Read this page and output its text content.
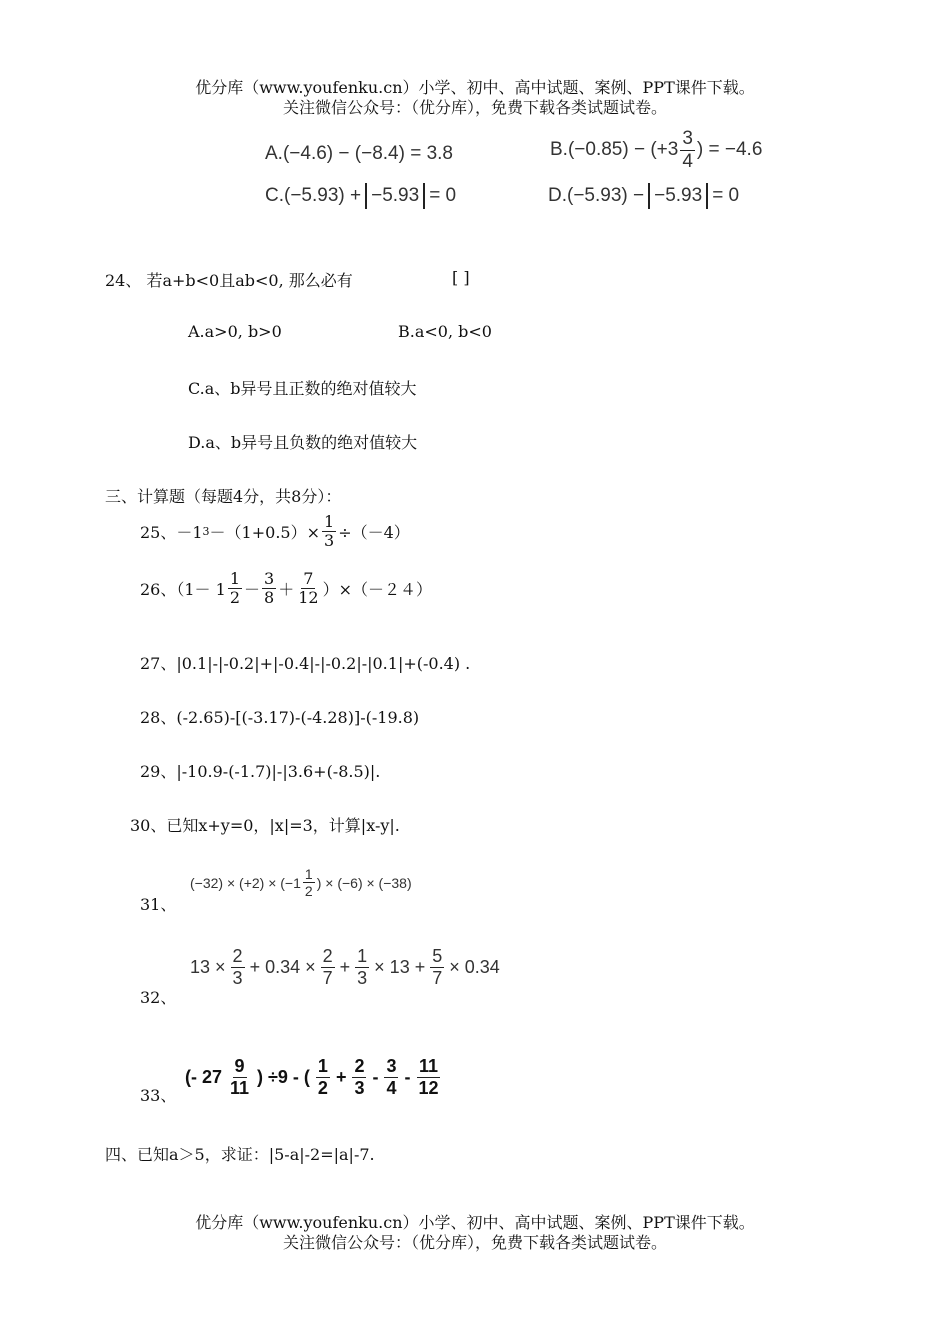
优分库（www.youfenku.cn）小学、初中、高中试题、案例、PPT课件下载。
关注微信公众号：（优分库），免费下载各类试题试卷。
A.(−4.6) − (−8.4) = 3.8	B. $(-0.85) - (+3 \frac{3}{4}$ ) = −4.6
C. (−5.93) + −5.93 = 0	D. (−5.93) − −5.93 = 0
24、 若a+b<0且ab<0, 那么必有	[ ]
A.a>0, b>0	B.a<0, b<0
C.a、b异号且正数的绝对值较大
D.a、b异号且负数的绝对值较大
三、计算题（每题4分，共8分）：
25、－1 $3 -(1+0.5)\times \frac{1}{3} \div(-4)$
26、$(1- 1 \frac{1}{2} - \frac{3}{8} + \frac{7}{12} )\times(-24)$
27、|0.1|-|-0.2|+|-0.4|-|-0.2|-|0.1|+(-0.4) .
28、(-2.65)-[(-3.17)-(-4.28)]-(-19.8)
29、|-10.9-(-1.7)|-|3.6+(-8.5)|.
30、已知x+y=0，|x|=3，计算|x-y|.
31、
$(-32) \times (+2) \times (-1 \frac{1}{2}$ ) × (−6) × (−38)
32、
$13 \times \frac{2}{3} + 0.34 \times \frac{2}{7} + \frac{1}{3} \times 13 + \frac{5}{7} \times 0.34$
33、
(- $27 \frac{9}{11}$ ) ÷9 - ( $\frac{1}{2} + \frac{2}{3} - \frac{3}{4} - \frac{11}{12}$
四、已知a＞5，求证：|5-a|-2=|a|-7.
优分库（www.youfenku.cn）小学、初中、高中试题、案例、PPT课件下载。
关注微信公众号：（优分库），免费下载各类试题试卷。
